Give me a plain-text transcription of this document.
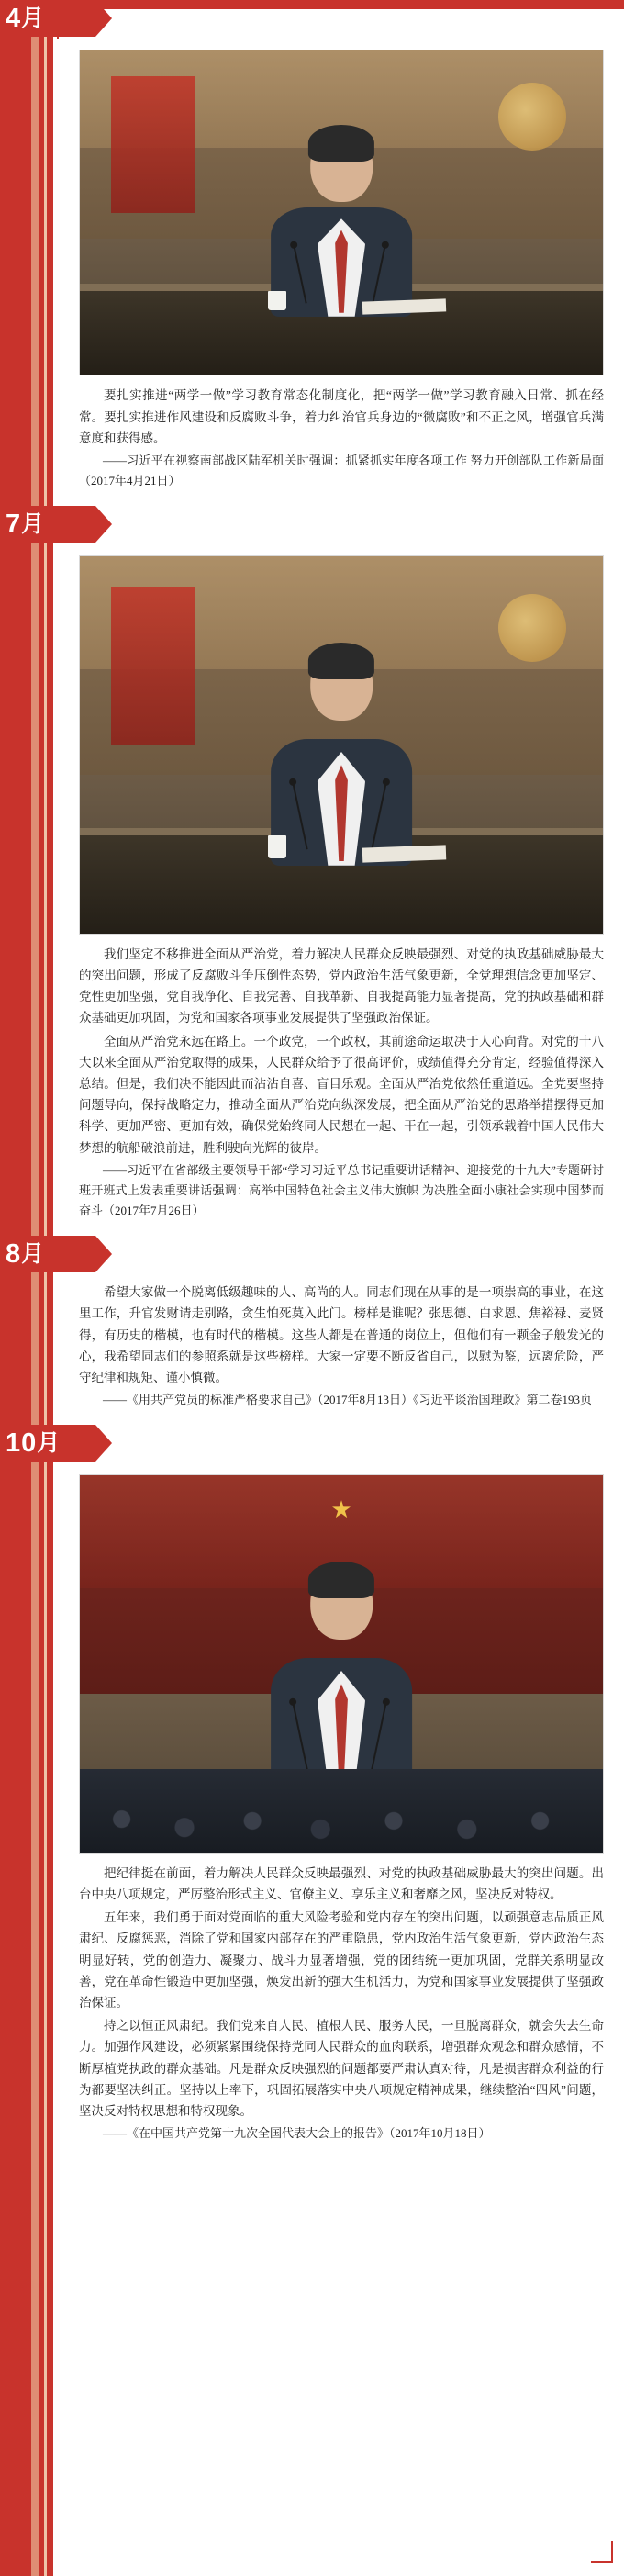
4月

要扎实推进“两学一做”学习教育常态化制度化，把“两学一做”学习教育融入日常、抓在经常。要扎实推进作风建设和反腐败斗争，着力纠治官兵身边的“微腐败”和不正之风，增强官兵满意度和获得感。

——习近平在视察南部战区陆军机关时强调：抓紧抓实年度各项工作 努力开创部队工作新局面（2017年4月21日）

7月

我们坚定不移推进全面从严治党，着力解决人民群众反映最强烈、对党的执政基础威胁最大的突出问题，形成了反腐败斗争压倒性态势，党内政治生活气象更新，全党理想信念更加坚定、党性更加坚强，党自我净化、自我完善、自我革新、自我提高能力显著提高，党的执政基础和群众基础更加巩固，为党和国家各项事业发展提供了坚强政治保证。

全面从严治党永远在路上。一个政党，一个政权，其前途命运取决于人心向背。对党的十八大以来全面从严治党取得的成果，人民群众给予了很高评价，成绩值得充分肯定，经验值得深入总结。但是，我们决不能因此而沾沾自喜、盲目乐观。全面从严治党依然任重道远。全党要坚持问题导向，保持战略定力，推动全面从严治党向纵深发展，把全面从严治党的思路举措摆得更加科学、更加严密、更加有效，确保党始终同人民想在一起、干在一起，引领承载着中国人民伟大梦想的航船破浪前进，胜利驶向光辉的彼岸。

——习近平在省部级主要领导干部“学习习近平总书记重要讲话精神、迎接党的十九大”专题研讨班开班式上发表重要讲话强调：高举中国特色社会主义伟大旗帜 为决胜全面小康社会实现中国梦而奋斗（2017年7月26日）

8月

希望大家做一个脱离低级趣味的人、高尚的人。同志们现在从事的是一项崇高的事业，在这里工作，升官发财请走别路，贪生怕死莫入此门。榜样是谁呢？张思德、白求恩、焦裕禄、麦贤得，有历史的楷模，也有时代的楷模。这些人都是在普通的岗位上，但他们有一颗金子般发光的心，我希望同志们的参照系就是这些榜样。大家一定要不断反省自己，以慰为鉴，远离危险，严守纪律和规矩、谨小慎微。

——《用共产党员的标准严格要求自己》（2017年8月13日）《习近平谈治国理政》第二卷193页

10月
★

把纪律挺在前面，着力解决人民群众反映最强烈、对党的执政基础威胁最大的突出问题。出台中央八项规定，严厉整治形式主义、官僚主义、享乐主义和奢靡之风，坚决反对特权。

五年来，我们勇于面对党面临的重大风险考验和党内存在的突出问题，以顽强意志品质正风肃纪、反腐惩恶，消除了党和国家内部存在的严重隐患，党内政治生活气象更新，党内政治生态明显好转，党的创造力、凝聚力、战斗力显著增强，党的团结统一更加巩固，党群关系明显改善，党在革命性锻造中更加坚强，焕发出新的强大生机活力，为党和国家事业发展提供了坚强政治保证。

持之以恒正风肃纪。我们党来自人民、植根人民、服务人民，一旦脱离群众，就会失去生命力。加强作风建设，必须紧紧围绕保持党同人民群众的血肉联系，增强群众观念和群众感情，不断厚植党执政的群众基础。凡是群众反映强烈的问题都要严肃认真对待，凡是损害群众利益的行为都要坚决纠正。坚持以上率下，巩固拓展落实中央八项规定精神成果，继续整治“四风”问题，坚决反对特权思想和特权现象。

——《在中国共产党第十九次全国代表大会上的报告》（2017年10月18日）
